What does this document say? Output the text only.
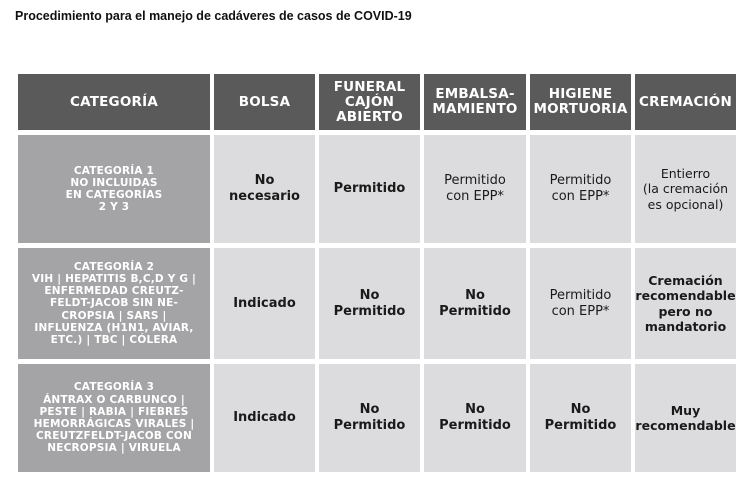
Procedimiento para el manejo de cadáveres de casos de COVID-19
CATEGORÍA	BOLSA
FUNERAL
CAJÓN
ABIERTO
EMBALSA-
MAMIENTO
HIGIENE
MORTUORIA CREMACIÓN
CATEGORÍA 1
NO INCLUIDAS
EN CATEGORÍAS
2 Y 3
No
necesario
Permitido
Permitido
con EPP*
Permitido
con EPP*
Entierro
(la cremación
es opcional)
CATEGORÍA 2
VIH | HEPATITIS B,C,D Y G |
ENFERMEDAD CREUTZ-
FELDT-JACOB SIN NE-
CROPSIA | SARS |
INFLUENZA (H1N1, AVIAR,
ETC.) | TBC | CÓLERA
Indicado
No
Permitido
No
Permitido
Permitido
con EPP*
Cremación
recomendable
pero no
mandatorio
CATEGORÍA 3
ÁNTRAX O CARBUNCO |
PESTE | RABIA | FIEBRES
HEMORRÁGICAS VIRALES |
CREUTZFELDT-JACOB CON
NECROPSIA | VIRUELA
Indicado
No
Permitido
No
Permitido
No
Permitido
Muy
recomendable
